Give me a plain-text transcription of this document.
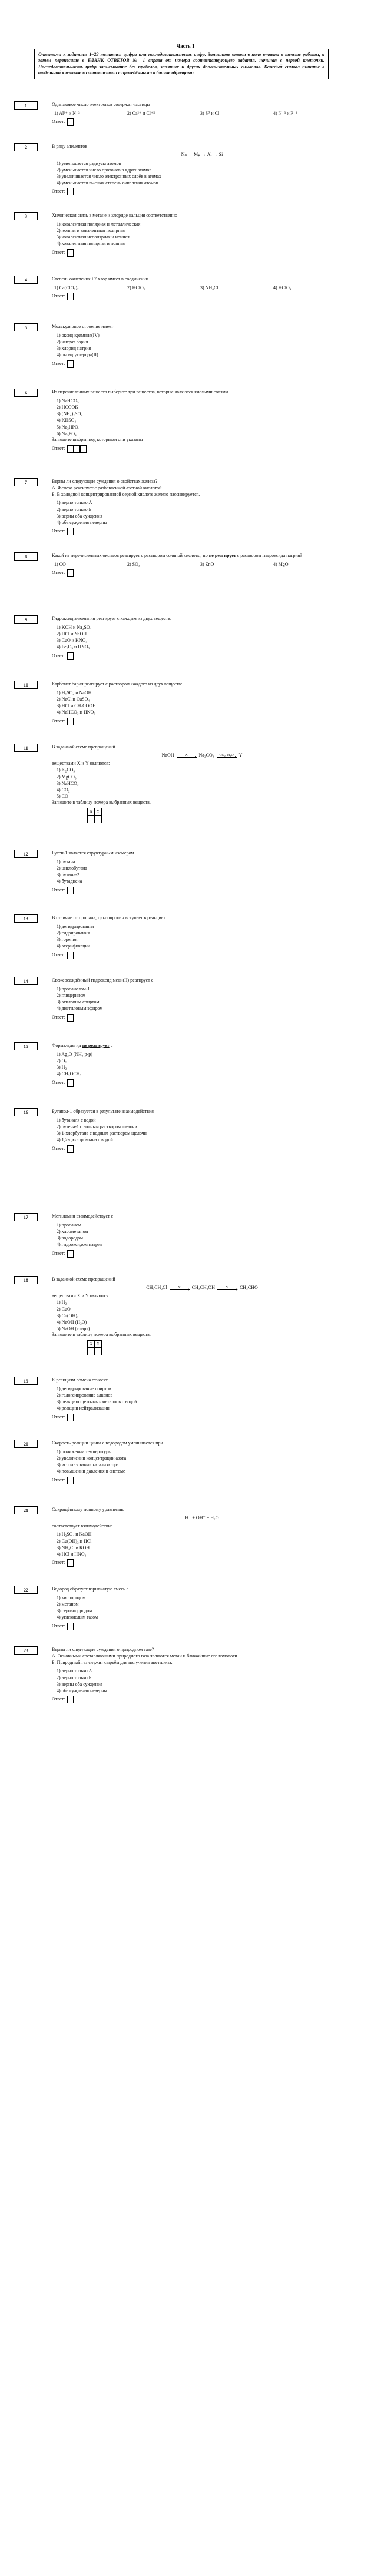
Часть 1
Ответами к заданиям 1–23 являются цифра или последовательность цифр. Запишите ответ в поле ответа в тексте работы, а затем перенесите в БЛАНК ОТВЕТОВ № 1 справа от номера соответствующего задания, начиная с первой клеточки. Последовательность цифр записывайте без пробелов, запятых и других дополнительных символов. Каждый символ пишите в отдельной клеточке в соответствии с приведёнными в бланке образцами.
1	Одинаковое число электронов содержат частицы
1) Al³⁺ и N⁻³	2) Ca²⁺ и Cl⁺⁵	3) S⁰ и Cl⁻	4) N⁻³ и P⁻³
Ответ:
2	В ряду элементов
Na → Mg → Al → Si
1) уменьшается радиусы атомов
2) уменьшается число протонов в ядрах атомов
3) увеличивается число электронных слоёв в атомах
4) уменьшается высшая степень окисления атомов
Ответ:
3	Химическая связь в метане и хлориде кальция соответственно
1) ковалентная полярная и металлическая
2) ионная и ковалентная полярная
3) ковалентная неполярная и ионная
4) ковалентная полярная и ионная
Ответ:
4	Степень окисления +7 хлор имеет в соединении
1) Ca(ClO₂)₂	2) HClO₃	3) NH₄Cl	4) HClO₄
Ответ:
5	Молекулярное строение имеет
1) оксид кремния(IV)
2) нитрат бария
3) хлорид натрия
4) оксид углерода(II)
Ответ:
6	Из перечисленных веществ выберите три вещества, которые являются кислыми солями.
1) NaHCO₃
2) HCOOK
3) (NH₄)₂SO₄
4) KHSO₃
5) Na₂HPO₄
6) Na₃PO₄
Запишите цифры, под которыми они указаны
Ответ:
7	Верны ли следующие суждения о свойствах железа?
А. Железо реагирует с разбавленной азотной кислотой.
Б. В холодной концентрированной серной кислоте железо пассивируется.
1) верно только А
2) верно только Б
3) верны оба суждения
4) оба суждения неверны
Ответ:
8	Какой из перечисленных оксидов реагирует с раствором соляной кислоты, но не реагирует с раствором гидроксида натрия?
1) CO	2) SO₃	3) ZnO	4) MgO
Ответ:
9	Гидроксид алюминия реагирует с каждым из двух веществ:
1) KOH и Na₂SO₄
2) HCl и NaOH
3) CuO и KNO₃
4) Fe₂O₃ и HNO₃
Ответ:
10	Карбонат бария реагирует с раствором каждого из двух веществ:
1) H₂SO₄ и NaOH
2) NaCl и CuSO₄
3) HCl и CH₃COOH
4) NaHCO₃ и HNO₃
Ответ:
11	В заданной схеме превращений
NaOH	X Na₂CO₃ CO₂, H₂O Y
веществами X и Y являются:
1) K₂CO₃
2) MgCO₃
3) NaHCO₃
4) CO₂
5) CO
Запишите в таблицу номера выбранных веществ.
X Y
12	Бутен-1 является структурным изомером
1) бутана
2) циклобутана
3) бутина-2
4) бутадиена
Ответ:
13	В отличие от пропана, циклопропан вступает в реакцию
1) дегидрирования
2) гидрирования
3) горения
4) этерификации
Ответ:
14	Свежеосаждённый гидроксид меди(II) реагирует с
1) пропанолом-1
2) глицерином
3) этиловым спиртом
4) диэтиловым эфиром
Ответ:
15	Формальдегид не реагирует с
1) Ag₂O (NH₃ р-р)
2) O₂
3) H₂
4) CH₃OCH₃
Ответ:
16	Бутанол-1 образуется в результате взаимодействия
1) бутаналя с водой
2) бутена-1 с водным раствором щелочи
3) 1-хлорбутана с водным раствором щелочи
4) 1,2-дихлорбутана с водой
Ответ:
17	Метиламин взаимодействует с
1) пропаном
2) хлорметаном
3) водородом
4) гидроксидом натрия
Ответ:
18	В заданной схеме превращений
CH₃CH₂Cl	X CH₃CH₂OH	Y CH₃CHO
веществами X и Y являются:
1) H₂
2) CuO
3) Cu(OH)₂
4) NaOH (H₂O)
5) NaOH (спирт)
Запишите в таблицу номера выбранных веществ.
X Y
19	К реакциям обмена относят
1) дегидрирование спиртов
2) галогенирование алканов
3) реакцию щелочных металлов с водой
4) реакции нейтрализации
Ответ:
20	Скорость реакции цинка с водородом уменьшается при
1) понижении температуры
2) увеличении концентрации азота
3) использовании катализатора
4) повышении давления в системе
Ответ:
21	Сокращённому ионному уравнению
H⁺ + OH⁻ = H₂O
соответствует взаимодействие
1) H₂SO₄ и NaOH
2) Cu(OH)₂ и HCl
3) NH₄Cl и KOH
4) HCl и HNO₃
Ответ:
22	Водород образует взрывчатую смесь с
1) кислородом
2) метаном
3) сероводородом
4) углекислым газом
Ответ:
23	Верны ли следующие суждения о природном газе?
А. Основными составляющими природного газа являются метан и ближайшие его гомологи
Б. Природный газ служит сырьём для получения ацетилена.
1) верно только А
2) верно только Б
3) верны оба суждения
4) оба суждения неверны
Ответ:
